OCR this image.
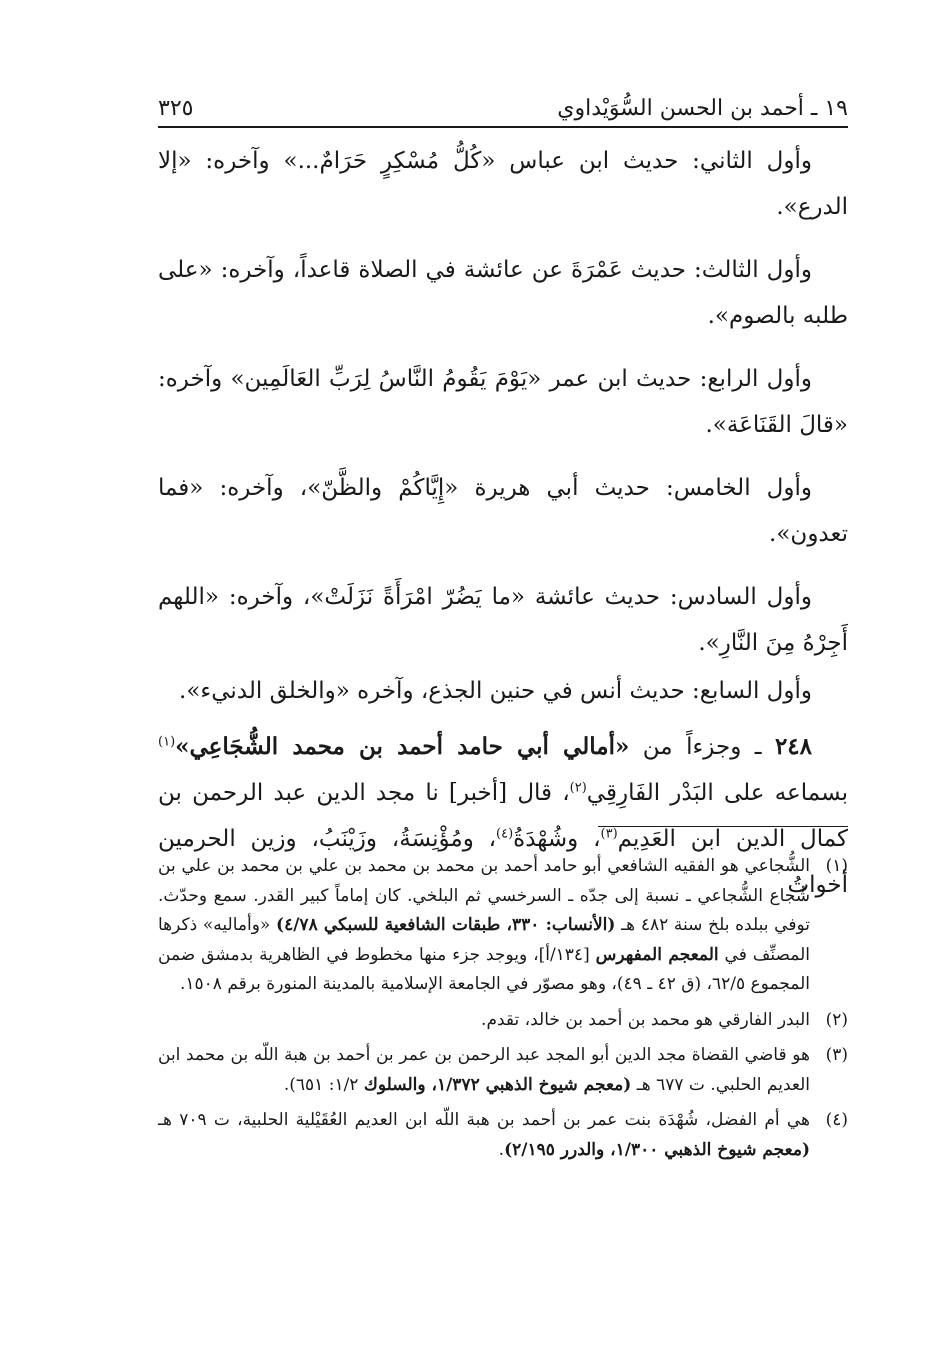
١٩ ـ أحمد بن الحسن السُّوَيْداوي
٣٢٥

وأول الثاني: حديث ابن عباس «كُلُّ مُسْكِرٍ حَرَامٌ...» وآخره: «إلا الدرع».

وأول الثالث: حديث عَمْرَةَ عن عائشة في الصلاة قاعداً، وآخره: «على طلبه بالصوم».

وأول الرابع: حديث ابن عمر «يَوْمَ يَقُومُ النَّاسُ لِرَبِّ العَالَمِين» وآخره: «قالَ القَنَاعَة».

وأول الخامس: حديث أبي هريرة «إِيَّاكُمْ والظَّنّ»، وآخره: «فما تعدون».

وأول السادس: حديث عائشة «ما يَضُرّ امْرَأَةً نَزَلَتْ»، وآخره: «اللهم أَجِرْهُ مِنَ النَّارِ».

وأول السابع: حديث أنس في حنين الجذع، وآخره «والخلق الدنيء».

٢٤٨ ـ وجزءاً من «أمالي أبي حامد أحمد بن محمد الشُّجَاعِي»$^{(١)}$ بسماعه على البَدْر الفَارِقِي$^{(٢)}$، قال [أخبر] نا مجد الدين عبد الرحمن بن كمال الدين ابن العَدِيم$^{(٣)}$، وشُهْدَةُ$^{(٤)}$، ومُؤْنِسَةُ، وزَيْنَبُ، وزين الحرمين أخواتُ

(١)
الشُّجاعي هو الفقيه الشافعي أبو حامد أحمد بن محمد بن محمد بن علي بن محمد بن علي بن شُجاع الشُّجاعي ـ نسبة إلى جدّه ـ السرخسي ثم البلخي. كان إماماً كبير القدر. سمع وحدّث. توفي ببلده بلخ سنة ٤٨٢ هـ (الأنساب: ٣٣٠، طبقات الشافعية للسبكي ٤/٧٨) «وأماليه» ذكرها المصنِّف في المعجم المفهرس [١٣٤/أ]، ويوجد جزء منها مخطوط في الظاهرية بدمشق ضمن المجموع ٦٢/٥، (ق ٤٢ ـ ٤٩)، وهو مصوّر في الجامعة الإسلامية بالمدينة المنورة برقم ١٥٠٨.
(٢)
البدر الفارقي هو محمد بن أحمد بن خالد، تقدم.
(٣)
هو قاضي القضاة مجد الدين أبو المجد عبد الرحمن بن عمر بن أحمد بن هبة اللّه بن محمد ابن العديم الحلبي. ت ٦٧٧ هـ (معجم شيوخ الذهبي ١/٣٧٢، والسلوك ١/٢: ٦٥١).
(٤)
هي أم الفضل، شُهْدَة بنت عمر بن أحمد بن هبة اللّه ابن العديم العُقَيْلية الحلبية، ت ٧٠٩ هـ (معجم شيوخ الذهبي ١/٣٠٠، والدرر ٢/١٩٥).
